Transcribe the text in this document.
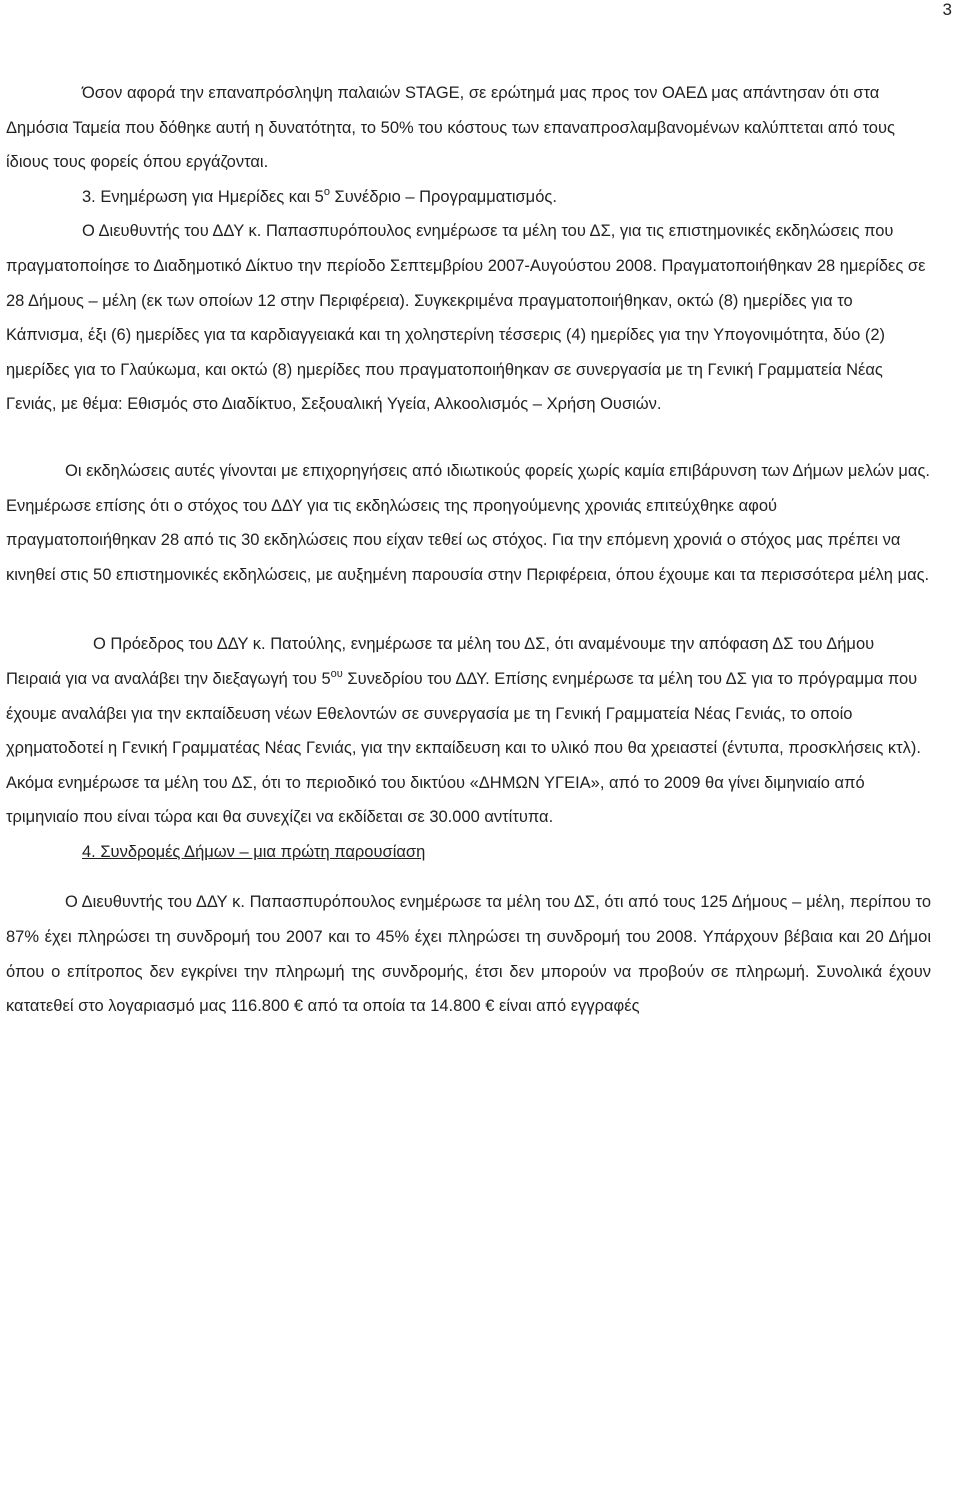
3

Όσον αφορά την επαναπρόσληψη παλαιών STAGE, σε ερώτημά μας προς τον ΟΑΕΔ μας απάντησαν ότι στα Δημόσια Ταμεία που δόθηκε αυτή η δυνατότητα, το 50% του κόστους των επαναπροσλαμβανομένων καλύπτεται από τους ίδιους τους φορείς όπου εργάζονται.

3. Ενημέρωση για Ημερίδες και $5^o$ Συνέδριο – Προγραμματισμός.

Ο Διευθυντής του ΔΔΥ κ. Παπασπυρόπουλος ενημέρωσε τα μέλη του ΔΣ, για τις επιστημονικές εκδηλώσεις που πραγματοποίησε το Διαδημοτικό Δίκτυο την περίοδο Σεπτεμβρίου 2007-Αυγούστου 2008. Πραγματοποιήθηκαν 28 ημερίδες σε 28 Δήμους – μέλη (εκ των οποίων 12 στην Περιφέρεια). Συγκεκριμένα πραγματοποιήθηκαν, οκτώ (8) ημερίδες για το Κάπνισμα, έξι (6) ημερίδες για τα καρδιαγγειακά και τη χοληστερίνη τέσσερις (4) ημερίδες για την Υπογονιμότητα, δύο (2) ημερίδες για το Γλαύκωμα, και οκτώ (8) ημερίδες που πραγματοποιήθηκαν σε συνεργασία με τη Γενική Γραμματεία Νέας Γενιάς, με θέμα: Εθισμός στο Διαδίκτυο, Σεξουαλική Υγεία, Αλκοολισμός – Χρήση Ουσιών.

Οι εκδηλώσεις αυτές γίνονται με επιχορηγήσεις από ιδιωτικούς φορείς χωρίς καμία επιβάρυνση των Δήμων μελών μας. Ενημέρωσε επίσης ότι ο στόχος του ΔΔΥ για τις εκδηλώσεις της προηγούμενης χρονιάς επιτεύχθηκε αφού πραγματοποιήθηκαν 28 από τις 30 εκδηλώσεις που είχαν τεθεί ως στόχος. Για την επόμενη χρονιά ο στόχος μας πρέπει να κινηθεί στις 50 επιστημονικές εκδηλώσεις, με αυξημένη παρουσία στην Περιφέρεια, όπου έχουμε και τα περισσότερα μέλη μας.

Ο Πρόεδρος του ΔΔΥ κ. Πατούλης, ενημέρωσε τα μέλη του ΔΣ, ότι αναμένουμε την απόφαση ΔΣ του Δήμου Πειραιά για να αναλάβει την διεξαγωγή του $5^{o\upsilon}$ Συνεδρίου του ΔΔΥ. Επίσης ενημέρωσε τα μέλη του ΔΣ για το πρόγραμμα που έχουμε αναλάβει για την εκπαίδευση νέων Εθελοντών σε συνεργασία με τη Γενική Γραμματεία Νέας Γενιάς, το οποίο χρηματοδοτεί η Γενική Γραμματέας Νέας Γενιάς, για την εκπαίδευση και το υλικό που θα χρειαστεί (έντυπα, προσκλήσεις κτλ). Ακόμα ενημέρωσε τα μέλη του ΔΣ, ότι το περιοδικό του δικτύου «ΔΗΜΩΝ ΥΓΕΙΑ», από το 2009 θα γίνει διμηνιαίο από τριμηνιαίο που είναι τώρα και θα συνεχίζει να εκδίδεται σε 30.000 αντίτυπα.

4. Συνδρομές Δήμων – μια πρώτη παρουσίαση

Ο Διευθυντής του ΔΔΥ κ. Παπασπυρόπουλος ενημέρωσε τα μέλη του ΔΣ, ότι από τους 125 Δήμους – μέλη, περίπου το 87% έχει πληρώσει τη συνδρομή του 2007 και το 45% έχει πληρώσει τη συνδρομή του 2008. Υπάρχουν βέβαια και 20 Δήμοι όπου ο επίτροπος δεν εγκρίνει την πληρωμή της συνδρομής, έτσι δεν μπορούν να προβούν σε πληρωμή. Συνολικά έχουν κατατεθεί στο λογαριασμό μας 116.800 € από τα οποία τα 14.800 € είναι από εγγραφές
